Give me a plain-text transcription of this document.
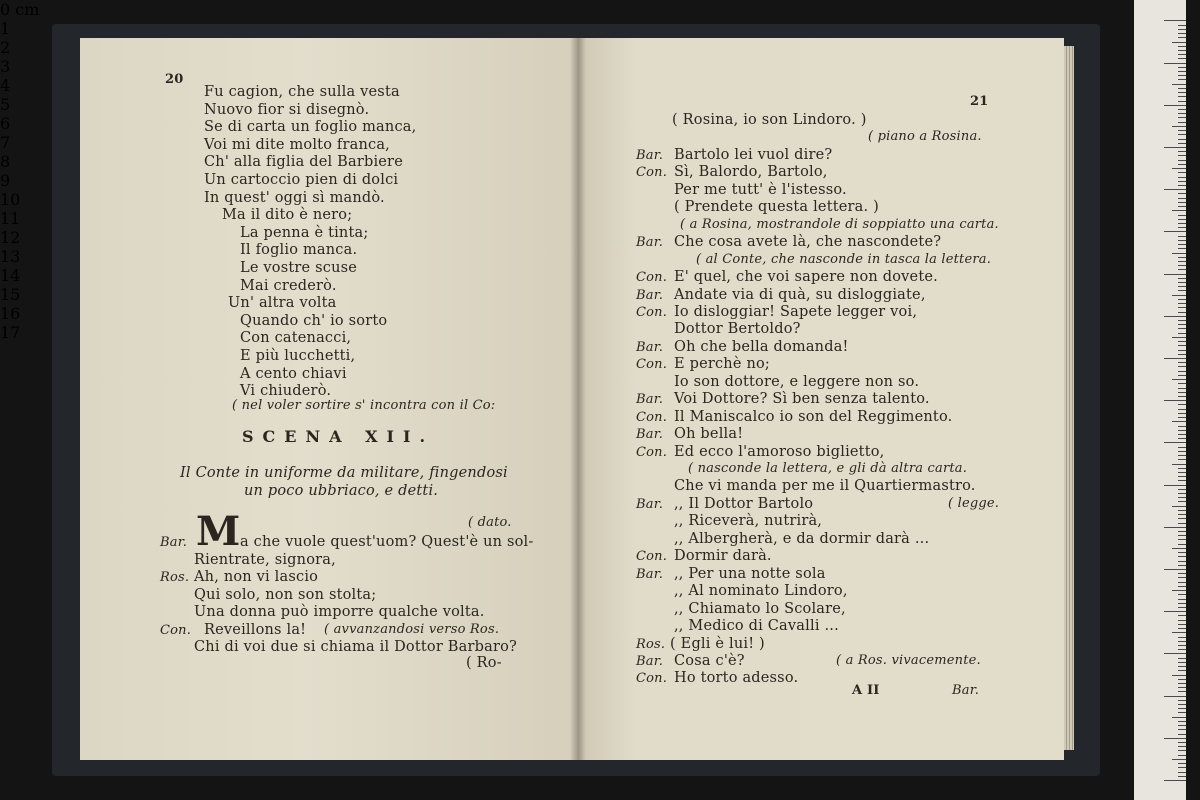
20
Fu cagion, che sulla vesta
Nuovo fior si disegnò.
Se di carta un foglio manca,
Voi mi dite molto franca,
Ch' alla figlia del Barbiere
Un cartoccio pien di dolci
In quest' oggi sì mandò.
Ma il dito è nero;
La penna è tinta;
Il foglio manca.
Le vostre scuse
Mai crederò.
Un' altra volta
Quando ch' io sorto
Con catenacci,
E più lucchetti,
A cento chiavi
Vi chiuderò.
( nel voler sortire s' incontra con il Co:
SCENA XII.
Il Conte in uniforme da militare, fingendosi
un poco ubbriaco, e detti.
( dato.
Bar. M a che vuole quest'uom? Quest'è un sol-
Rientrate, signora,
Ros. Ah, non vi lascio
Qui solo, non son stolta;
Una donna può imporre qualche volta.
Con. Reveillons la! ( avvanzandosi verso Ros.
Chi di voi due si chiama il Dottor Barbaro?
( Ro-
21
( Rosina, io son Lindoro. )
( piano a Rosina.
Bar. Bartolo lei vuol dire?
Con. Sì, Balordo, Bartolo,
Per me tutt' è l'istesso.
( Prendete questa lettera. )
( a Rosina, mostrandole di soppiatto una carta.
Bar. Che cosa avete là, che nascondete?
( al Conte, che nasconde in tasca la lettera.
Con. E' quel, che voi sapere non dovete.
Bar. Andate via di quà, su disloggiate,
Con. Io disloggiar! Sapete legger voi,
Dottor Bertoldo?
Bar. Oh che bella domanda!
Con. E perchè no;
Io son dottore, e leggere non so.
Bar. Voi Dottore? Sì ben senza talento.
Con. Il Maniscalco io son del Reggimento.
Bar. Oh bella!
Con. Ed ecco l'amoroso biglietto,
( nasconde la lettera, e gli dà altra carta.
Che vi manda per me il Quartiermastro.
Bar. ,, Il Dottor Bartolo	( legge.
,, Riceverà, nutrirà,
,, Albergherà, e da dormir darà ...
Con. Dormir darà.
Bar. ,, Per una notte sola
,, Al nominato Lindoro,
,, Chiamato lo Scolare,
,, Medico di Cavalli ...
Ros. ( Egli è lui! )
Bar. Cosa c'è?	( a Ros. vivacemente.
Con. Ho torto adesso.
A II	Bar.
0 cm
1
2
3
4
5
6
7
8
9
10
11
12
13
14
15
16
17
